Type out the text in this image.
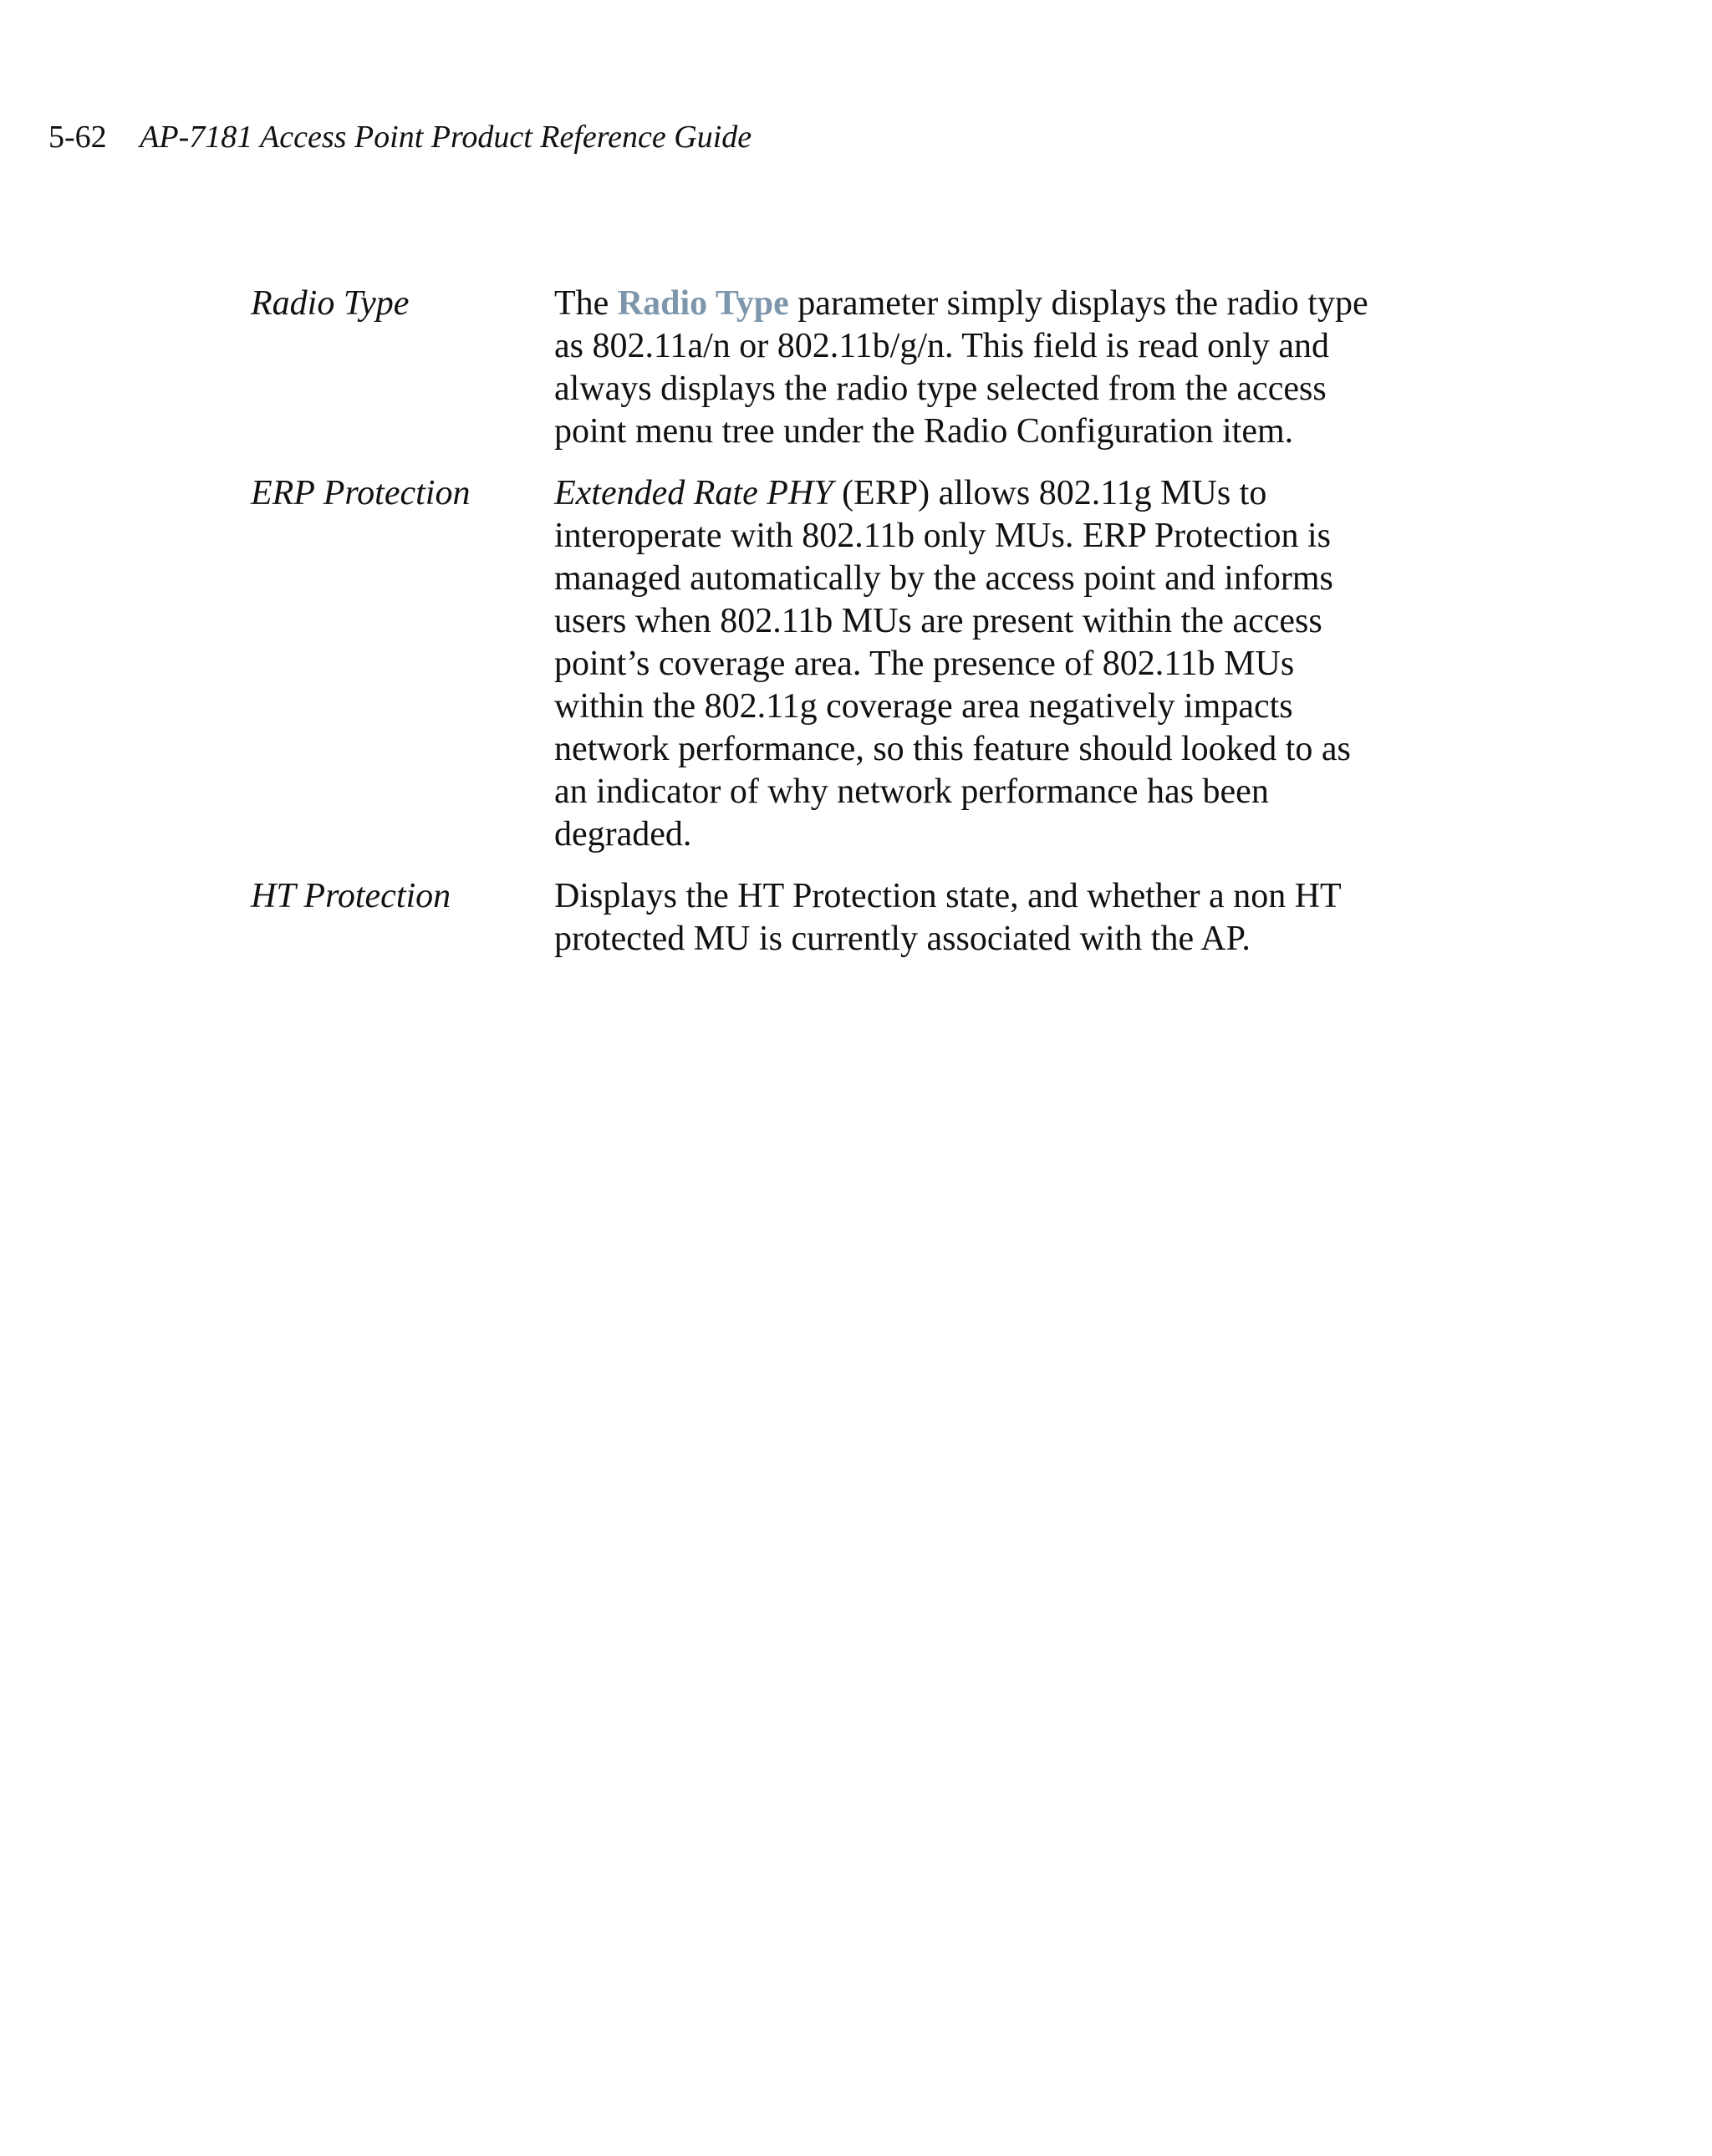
5-62 AP-7181 Access Point Product Reference Guide
Radio Type	The Radio Type parameter simply displays the radio type as 802.11a/n or 802.11b/g/n. This field is read only and always displays the radio type selected from the access point menu tree under the Radio Configuration item.
ERP Protection	Extended Rate PHY (ERP) allows 802.11g MUs to interoperate with 802.11b only MUs. ERP Protection is managed automatically by the access point and informs users when 802.11b MUs are present within the access point’s coverage area. The presence of 802.11b MUs within the 802.11g coverage area negatively impacts network performance, so this feature should looked to as an indicator of why network performance has been degraded.
HT Protection	Displays the HT Protection state, and whether a non HT protected MU is currently associated with the AP.
